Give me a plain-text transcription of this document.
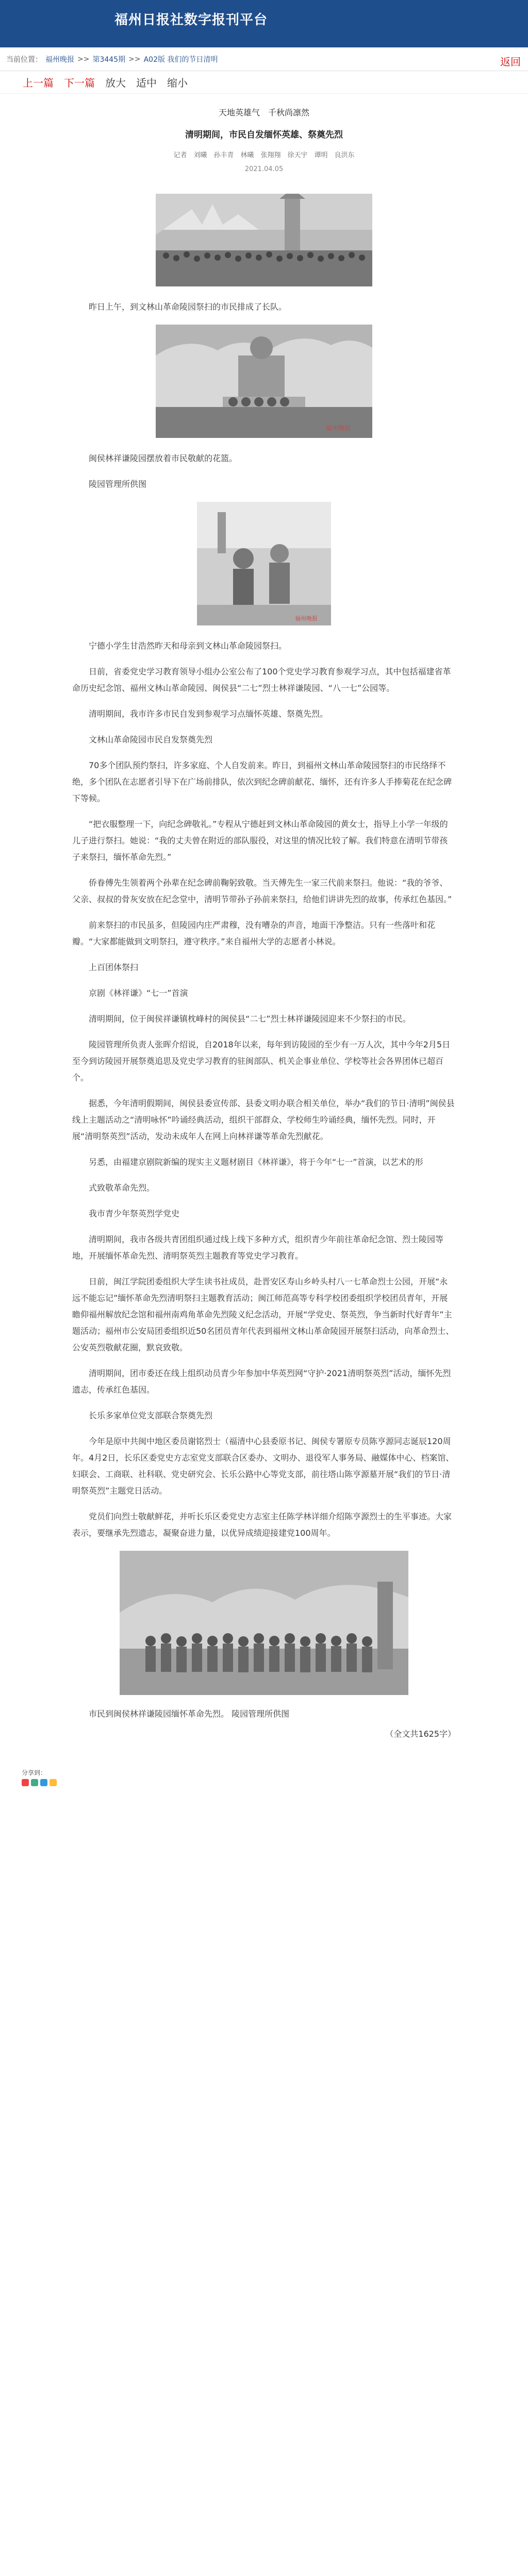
福州日报社数字报刊平台
当前位置： 福州晚报 >> 第3445期 >> A02版 我们的节日清明	返回
上一篇 下一篇 放大 适中 缩小
天地英雄气　千秋尚凛然
清明期间，市民自发缅怀英雄、祭奠先烈
记者　刘曦　孙丰青　林曦　张翔翔　徐天宇　谭明　良洪东
2021.04.05

昨日上午，到文林山革命陵园祭扫的市民排成了长队。

福州晚报

闽侯林祥谦陵园摆放着市民敬献的花篮。

陵园管理所供图

福州晚报

宁德小学生甘浩然昨天和母亲到文林山革命陵园祭扫。

日前，省委党史学习教育领导小组办公室公布了100个党史学习教育参观学习点，其中包括福建省革命历史纪念馆、福州文林山革命陵园、闽侯县“二七”烈士林祥谦陵园、“八一七”公园等。

清明期间，我市许多市民自发到参观学习点缅怀英雄、祭奠先烈。

文林山革命陵园市民自发祭奠先烈

70多个团队预约祭扫，许多家庭、个人自发前来。昨日，到福州文林山革命陵园祭扫的市民络绎不绝，多个团队在志愿者引导下在广场前排队，依次到纪念碑前献花、缅怀，还有许多人手捧菊花在纪念碑下等候。

“把衣服整理一下，向纪念碑敬礼。”专程从宁德赶到文林山革命陵园的黄女士，指导上小学一年级的儿子进行祭扫。她说：“我的丈夫曾在附近的部队服役，对这里的情况比较了解。我们特意在清明节带孩子来祭扫，缅怀革命先烈。”

侨眷傅先生领着两个孙辈在纪念碑前鞠躬致敬。当天傅先生一家三代前来祭扫。他说：“我的爷爷、父亲、叔叔的骨灰安放在纪念堂中，清明节带孙子孙前来祭扫，给他们讲讲先烈的故事，传承红色基因。”

前来祭扫的市民虽多，但陵园内庄严肃穆，没有嘈杂的声音，地面干净整洁。只有一些落叶和花瓣。“大家都能做到文明祭扫，遵守秩序。”来自福州大学的志愿者小林说。

上百团体祭扫

京剧《林祥谦》“七一”首演

清明期间，位于闽侯祥谦镇枕峰村的闽侯县“二七”烈士林祥谦陵园迎来不少祭扫的市民。

陵园管理所负责人张晖介绍说，自2018年以来，每年到访陵园的至少有一万人次，其中今年2月5日至今到访陵园开展祭奠追思及党史学习教育的驻闽部队、机关企事业单位、学校等社会各界团体已超百个。

据悉，今年清明假期间，闽侯县委宣传部、县委文明办联合相关单位，举办“我们的节日·清明”闽侯县线上主题活动之“清明咏怀”吟诵经典活动，组织干部群众、学校师生吟诵经典，缅怀先烈。同时，开展“清明祭英烈”活动，发动未成年人在网上向林祥谦等革命先烈献花。

另悉，由福建京剧院新编的现实主义题材剧目《林祥谦》，将于今年“七一”首演，以艺术的形

式致敬革命先烈。

我市青少年祭英烈学党史

清明期间，我市各级共青团组织通过线上线下多种方式，组织青少年前往革命纪念馆、烈士陵园等地，开展缅怀革命先烈、清明祭英烈主题教育等党史学习教育。

日前，闽江学院团委组织大学生读书社成员，赴晋安区寿山乡岭头村八一七革命烈士公园，开展“永远不能忘记”缅怀革命先烈清明祭扫主题教育活动；闽江师范高等专科学校团委组织学校团员青年，开展瞻仰福州解放纪念馆和福州南鸡角革命先烈陵义纪念活动，开展“学党史、祭英烈，争当新时代好青年”主题活动；福州市公安局团委组织近50名团员青年代表到福州文林山革命陵园开展祭扫活动，向革命烈士、公安英烈敬献花圈，默哀致敬。

清明期间，团市委还在线上组织动员青少年参加中华英烈网“守护·2021清明祭英烈”活动，缅怀先烈遗志，传承红色基因。

长乐多家单位党支部联合祭奠先烈

今年是原中共闽中地区委员谢铭烈士（福清中心县委原书记、闽侯专署原专员陈亨源同志诞辰120周年。4月2日，长乐区委党史方志室党支部联合区委办、文明办、退役军人事务局、融媒体中心、档案馆、妇联会、工商联、社科联、党史研究会、长乐公路中心等党支部，前往塔山陈亨源墓开展“我们的节日·清明祭英烈”主题党日活动。

党员们向烈士敬献鲜花，并听长乐区委党史方志室主任陈学林详细介绍陈亨源烈士的生平事迹。大家表示，要继承先烈遗志，凝聚奋进力量，以优异成绩迎接建党100周年。

市民到闽侯林祥谦陵园缅怀革命先烈。 陵园管理所供图

（全文共1625字）

分享到：
